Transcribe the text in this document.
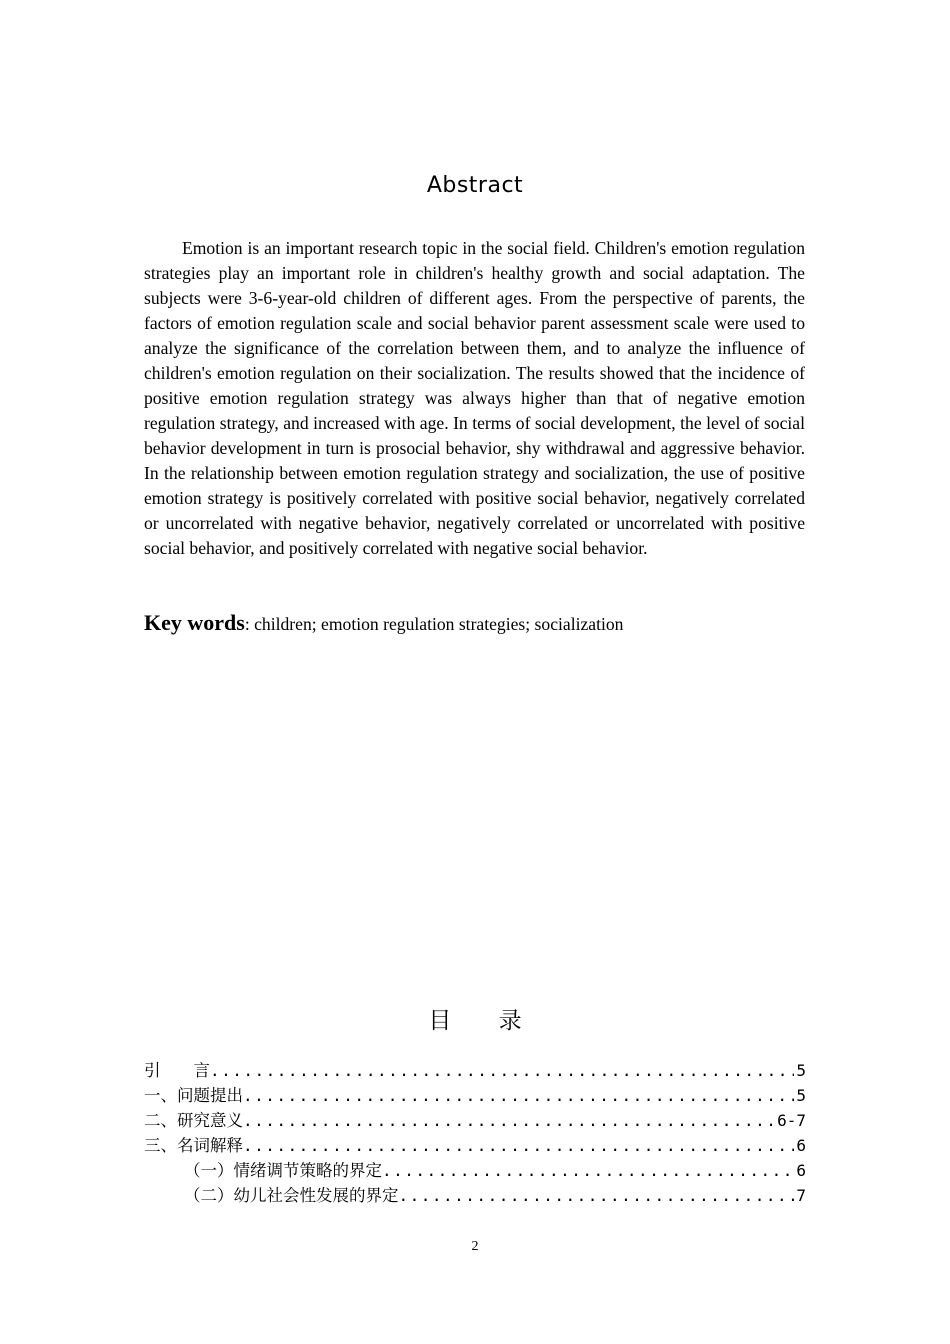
Abstract

Emotion is an important research topic in the social field. Children's emotion regulation strategies play an important role in children's healthy growth and social adaptation. The subjects were 3-6-year-old children of different ages. From the perspective of parents, the factors of emotion regulation scale and social behavior parent assessment scale were used to analyze the significance of the correlation between them, and to analyze the influence of children's emotion regulation on their socialization. The results showed that the incidence of positive emotion regulation strategy was always higher than that of negative emotion regulation strategy, and increased with age. In terms of social development, the level of social behavior development in turn is prosocial behavior, shy withdrawal and aggressive behavior. In the relationship between emotion regulation strategy and socialization, the use of positive emotion strategy is positively correlated with positive social behavior, negatively correlated or uncorrelated with negative behavior, negatively correlated or uncorrelated with positive social behavior, and positively correlated with negative social behavior.

Key words: children; emotion regulation strategies; socialization

目 录
引　　言 .....	5
一、问题提出 .....	5
二、研究意义 .....	6-7
三、名词解释 .....	6
（一）情绪调节策略的界定 .....	6
（二）幼儿社会性发展的界定 .....	7
2
